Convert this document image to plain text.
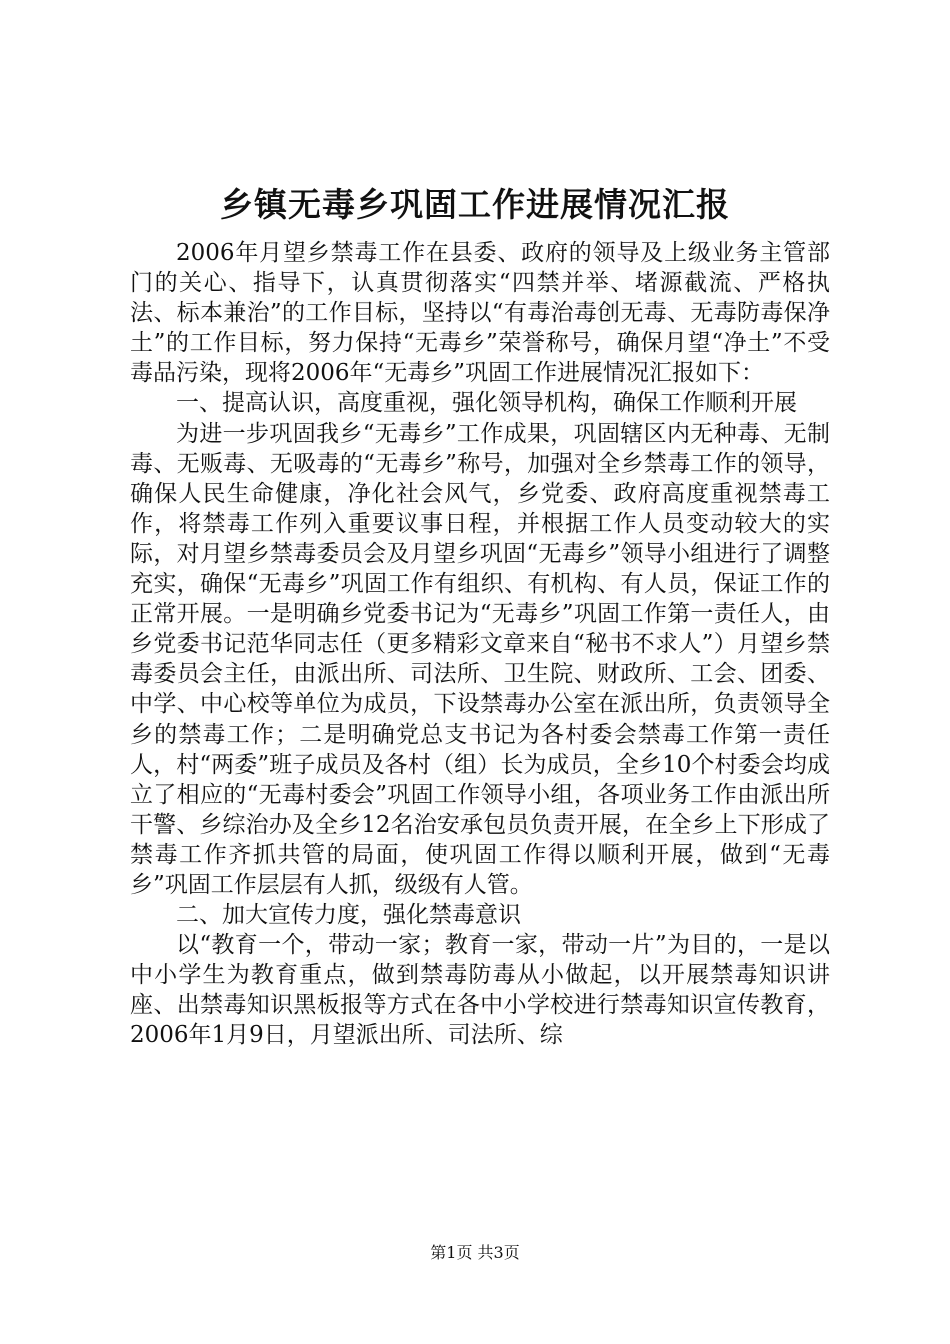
乡镇无毒乡巩固工作进展情况汇报

2006年月望乡禁毒工作在县委、政府的领导及上级业务主管部门的关心、指导下，认真贯彻落实“四禁并举、堵源截流、严格执法、标本兼治”的工作目标，坚持以“有毒治毒创无毒、无毒防毒保净土”的工作目标，努力保持“无毒乡”荣誉称号，确保月望“净土”不受毒品污染，现将2006年“无毒乡”巩固工作进展情况汇报如下：

一、提高认识，高度重视，强化领导机构，确保工作顺利开展

为进一步巩固我乡“无毒乡”工作成果，巩固辖区内无种毒、无制毒、无贩毒、无吸毒的“无毒乡”称号，加强对全乡禁毒工作的领导，确保人民生命健康，净化社会风气，乡党委、政府高度重视禁毒工作，将禁毒工作列入重要议事日程，并根据工作人员变动较大的实际，对月望乡禁毒委员会及月望乡巩固“无毒乡”领导小组进行了调整充实，确保“无毒乡”巩固工作有组织、有机构、有人员，保证工作的正常开展。一是明确乡党委书记为“无毒乡”巩固工作第一责任人，由乡党委书记范华同志任（更多精彩文章来自“秘书不求人”）月望乡禁毒委员会主任，由派出所、司法所、卫生院、财政所、工会、团委、中学、中心校等单位为成员，下设禁毒办公室在派出所，负责领导全乡的禁毒工作；二是明确党总支书记为各村委会禁毒工作第一责任人，村“两委”班子成员及各村（组）长为成员，全乡10个村委会均成立了相应的“无毒村委会”巩固工作领导小组，各项业务工作由派出所干警、乡综治办及全乡12名治安承包员负责开展，在全乡上下形成了禁毒工作齐抓共管的局面，使巩固工作得以顺利开展，做到“无毒乡”巩固工作层层有人抓，级级有人管。

二、加大宣传力度，强化禁毒意识

以“教育一个，带动一家；教育一家，带动一片”为目的，一是以中小学生为教育重点，做到禁毒防毒从小做起，以开展禁毒知识讲座、出禁毒知识黑板报等方式在各中小学校进行禁毒知识宣传教育，2006年1月9日，月望派出所、司法所、综

第1页 共3页
